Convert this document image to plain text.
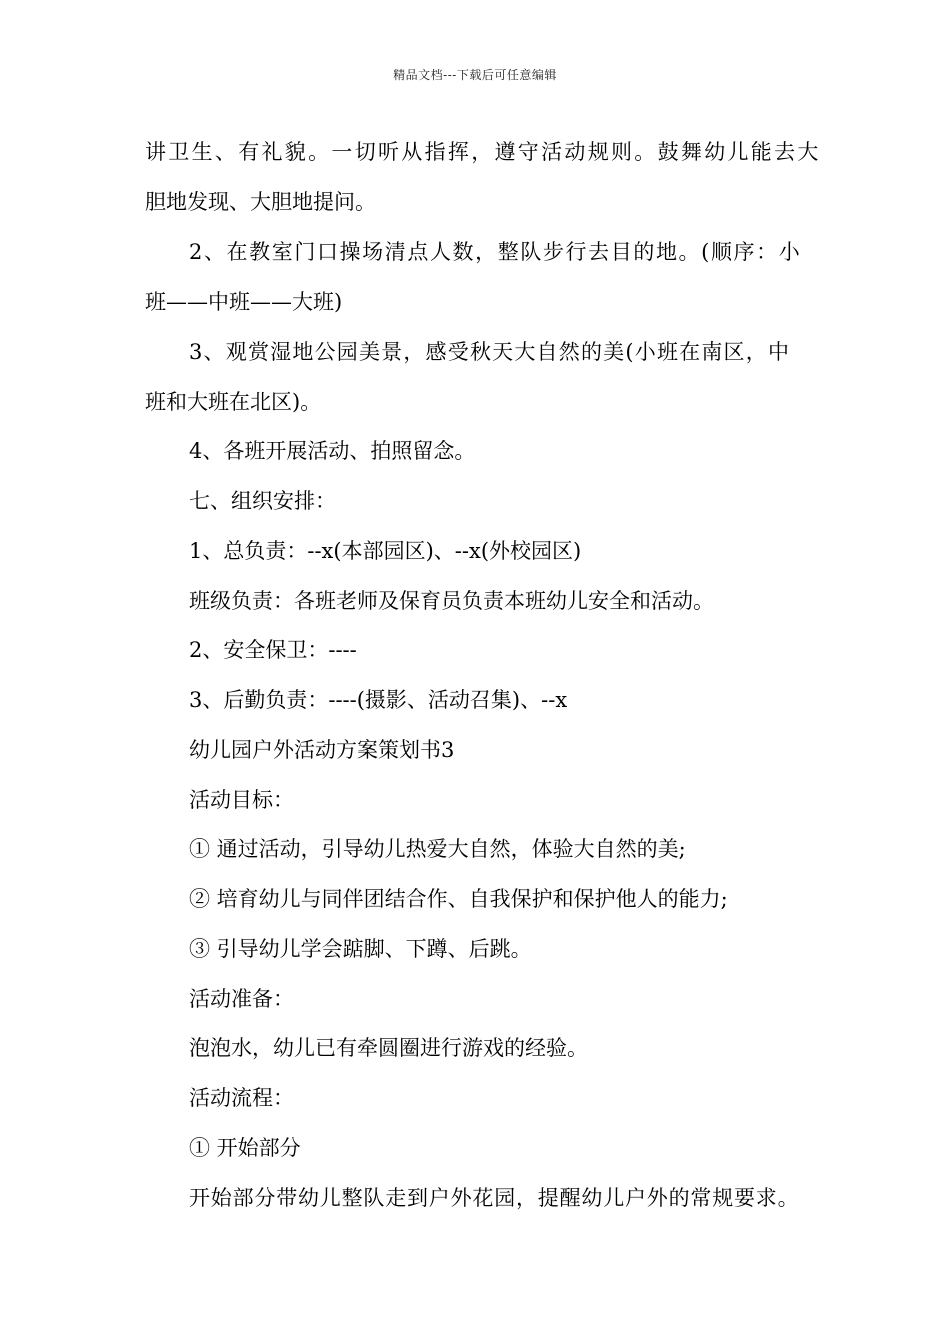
精品文档---下载后可任意编辑
讲卫生、有礼貌。一切听从指挥，遵守活动规则。鼓舞幼儿能去大
胆地发现、大胆地提问。
2、在教室门口操场清点人数，整队步行去目的地。(顺序：小
班——中班——大班)
3、观赏湿地公园美景，感受秋天大自然的美(小班在南区，中
班和大班在北区)。
4、各班开展活动、拍照留念。
七、组织安排：
1、总负责：--x(本部园区)、--x(外校园区)
班级负责：各班老师及保育员负责本班幼儿安全和活动。
2、安全保卫：----
3、后勤负责：----(摄影、活动召集)、--x
幼儿园户外活动方案策划书3
活动目标：
① 通过活动，引导幼儿热爱大自然，体验大自然的美;
② 培育幼儿与同伴团结合作、自我保护和保护他人的能力;
③ 引导幼儿学会踮脚、下蹲、后跳。
活动准备：
泡泡水，幼儿已有牵圆圈进行游戏的经验。
活动流程：
① 开始部分
开始部分带幼儿整队走到户外花园，提醒幼儿户外的常规要求。
